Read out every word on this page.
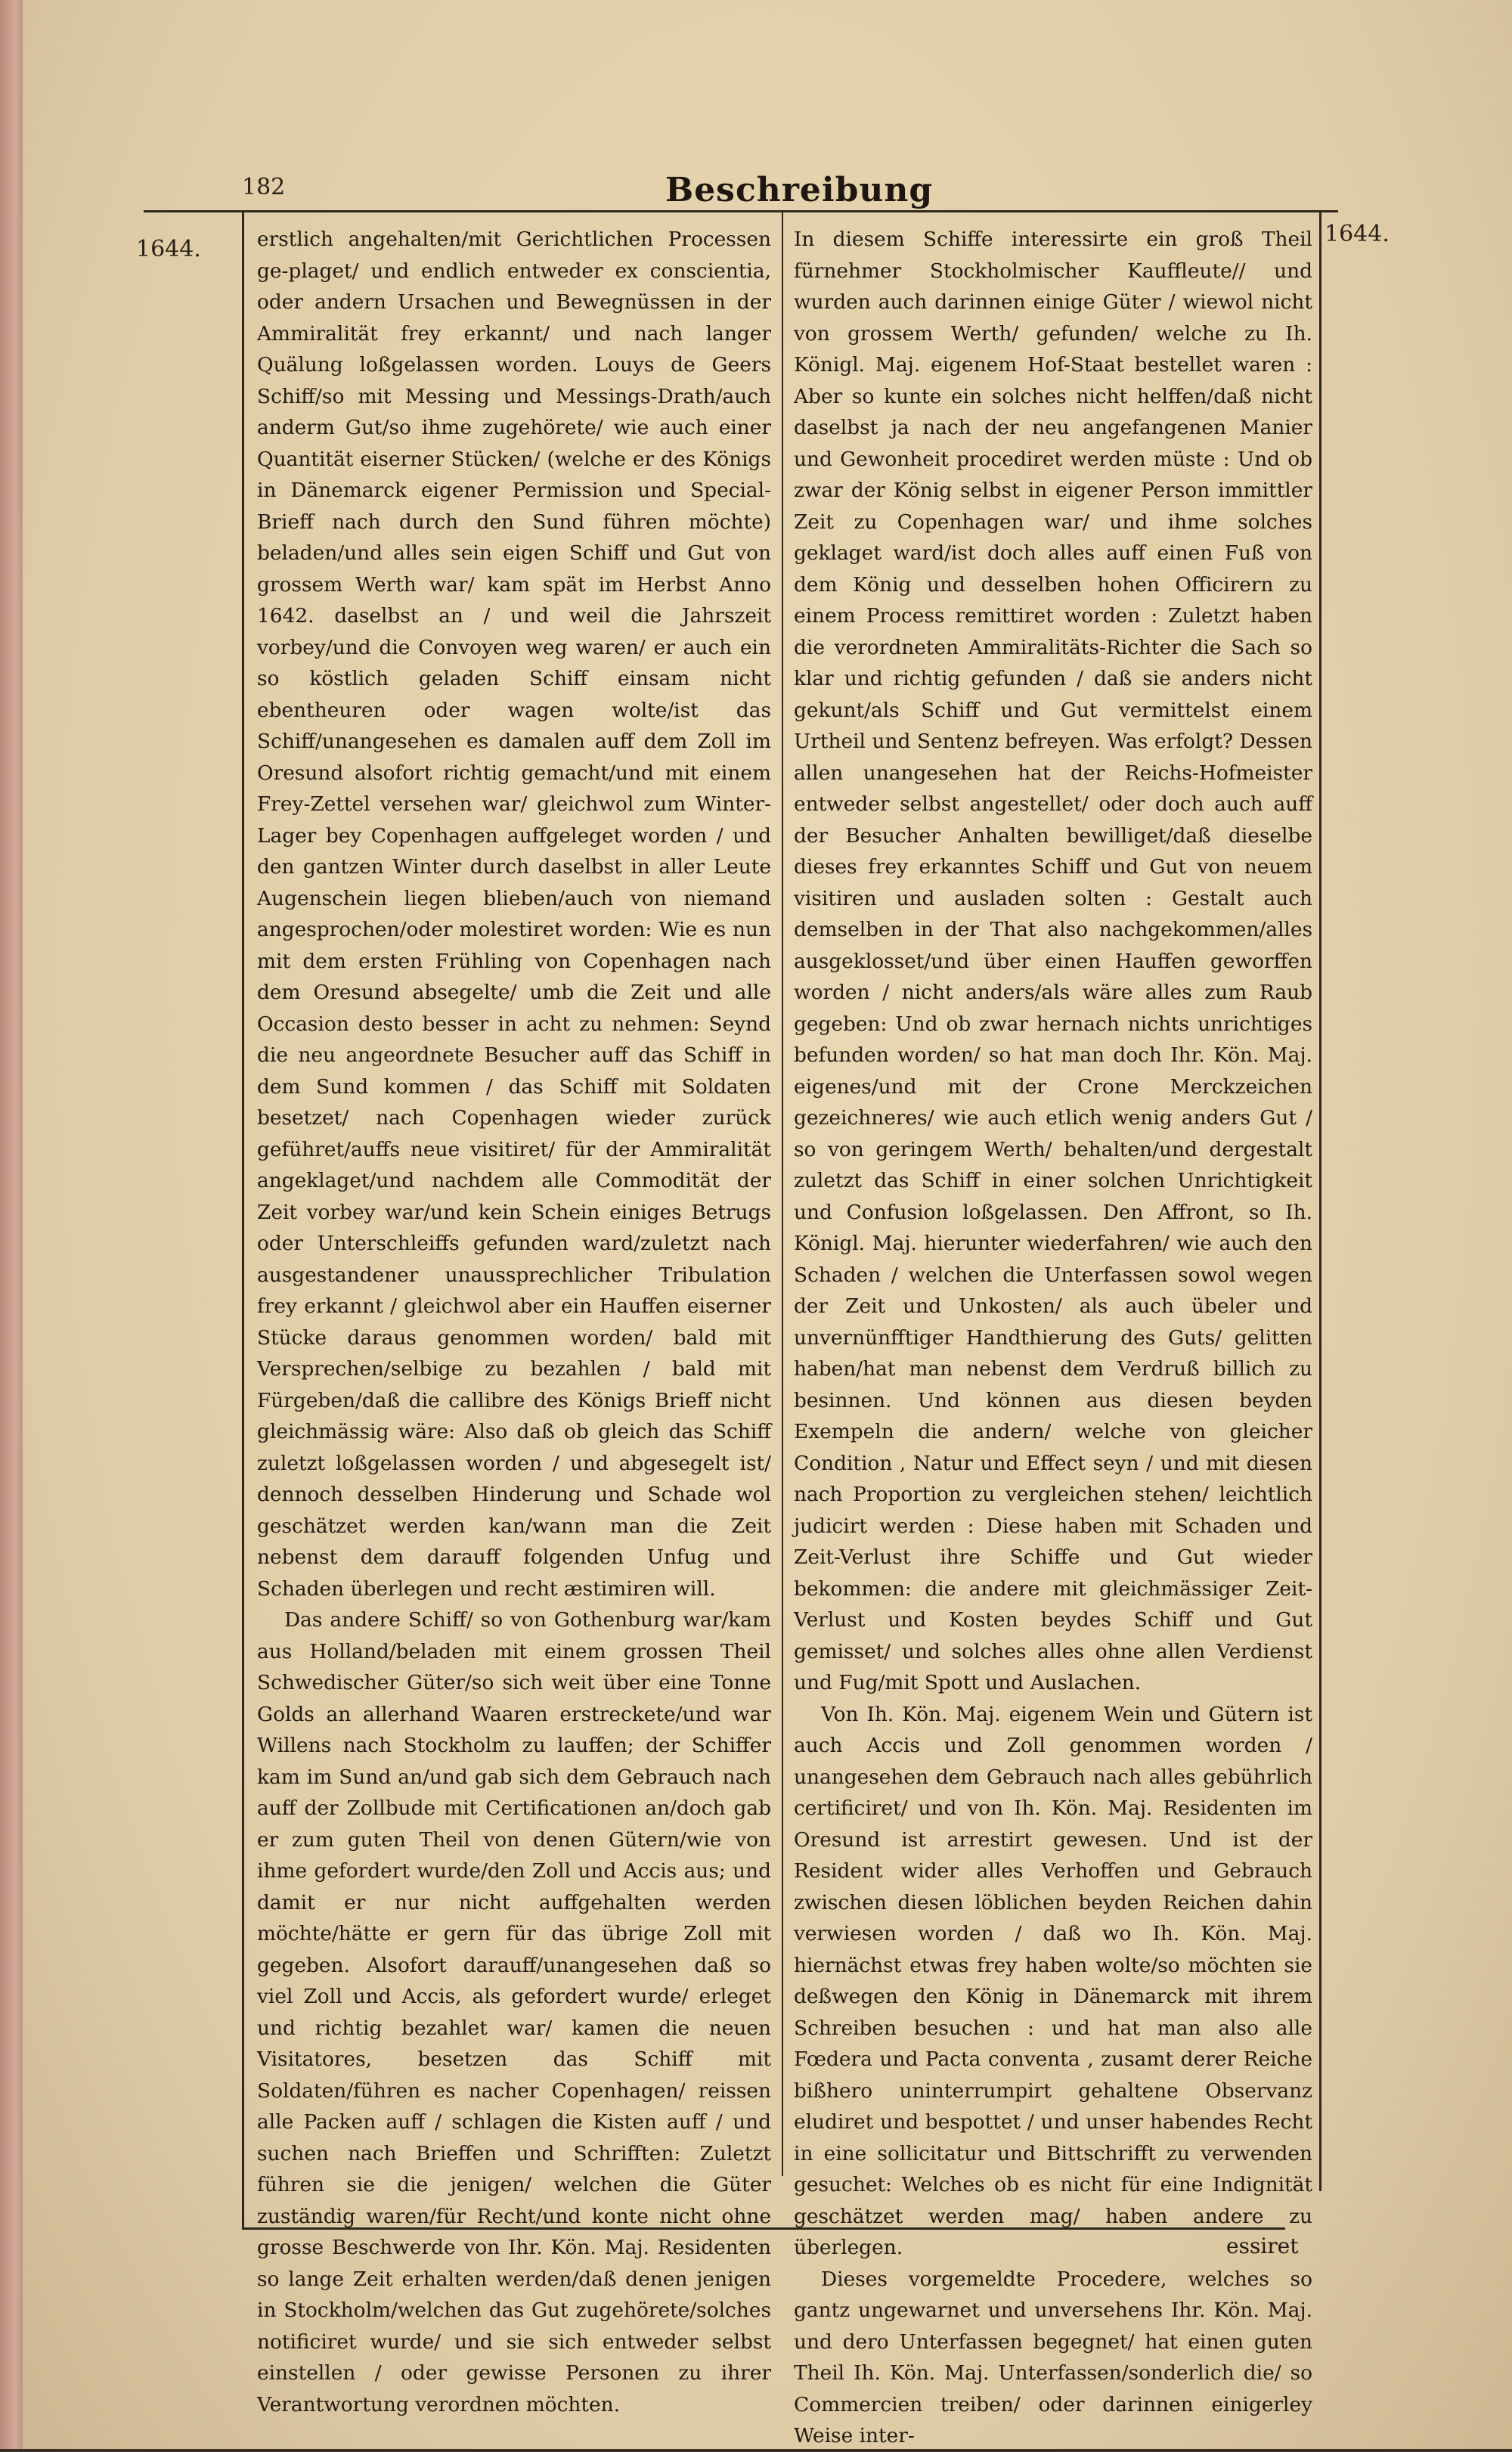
182	Beschreibung
1644.
1644.

erstlich angehalten/mit Gerichtlichen Processen ge-plaget/ und endlich entweder ex conscientia, oder andern Ursachen und Bewegnüssen in der Ammiralität frey erkannt/ und nach langer Quälung loßgelassen worden. Louys de Geers Schiff/so mit Messing und Messings-Drath/auch anderm Gut/so ihme zugehörete/ wie auch einer Quantität eiserner Stücken/ (welche er des Königs in Dänemarck eigener Permission und Special-Brieff nach durch den Sund führen möchte) beladen/und alles sein eigen Schiff und Gut von grossem Werth war/ kam spät im Herbst Anno 1642. daselbst an / und weil die Jahrszeit vorbey/und die Convoyen weg waren/ er auch ein so köstlich geladen Schiff einsam nicht ebentheuren oder wagen wolte/ist das Schiff/unangesehen es damalen auff dem Zoll im Oresund alsofort richtig gemacht/und mit einem Frey-Zettel versehen war/ gleichwol zum Winter-Lager bey Copenhagen auffgeleget worden / und den gantzen Winter durch daselbst in aller Leute Augenschein liegen blieben/auch von niemand angesprochen/oder molestiret worden: Wie es nun mit dem ersten Frühling von Copenhagen nach dem Oresund absegelte/ umb die Zeit und alle Occasion desto besser in acht zu nehmen: Seynd die neu angeordnete Besucher auff das Schiff in dem Sund kommen / das Schiff mit Soldaten besetzet/ nach Copenhagen wieder zurück geführet/auffs neue visitiret/ für der Ammiralität angeklaget/und nachdem alle Commodität der Zeit vorbey war/und kein Schein einiges Betrugs oder Unterschleiffs gefunden ward/zuletzt nach ausgestandener unaussprechlicher Tribulation frey erkannt / gleichwol aber ein Hauffen eiserner Stücke daraus genommen worden/ bald mit Versprechen/selbige zu bezahlen / bald mit Fürgeben/daß die callibre des Königs Brieff nicht gleichmässig wäre: Also daß ob gleich das Schiff zuletzt loßgelassen worden / und abgesegelt ist/ dennoch desselben Hinderung und Schade wol geschätzet werden kan/wann man die Zeit nebenst dem darauff folgenden Unfug und Schaden überlegen und recht æstimiren will.

Das andere Schiff/ so von Gothenburg war/kam aus Holland/beladen mit einem grossen Theil Schwedischer Güter/so sich weit über eine Tonne Golds an allerhand Waaren erstreckete/und war Willens nach Stockholm zu lauffen; der Schiffer kam im Sund an/und gab sich dem Gebrauch nach auff der Zollbude mit Certificationen an/doch gab er zum guten Theil von denen Gütern/wie von ihme gefordert wurde/den Zoll und Accis aus; und damit er nur nicht auffgehalten werden möchte/hätte er gern für das übrige Zoll mit gegeben. Alsofort darauff/unangesehen daß so viel Zoll und Accis, als gefordert wurde/ erleget und richtig bezahlet war/ kamen die neuen Visitatores, besetzen das Schiff mit Soldaten/führen es nacher Copenhagen/ reissen alle Packen auff / schlagen die Kisten auff / und suchen nach Brieffen und Schrifften: Zuletzt führen sie die jenigen/ welchen die Güter zuständig waren/für Recht/und konte nicht ohne grosse Beschwerde von Ihr. Kön. Maj. Residenten so lange Zeit erhalten werden/daß denen jenigen in Stockholm/welchen das Gut zugehörete/solches notificiret wurde/ und sie sich entweder selbst einstellen / oder gewisse Personen zu ihrer Verantwortung verordnen möchten.

In diesem Schiffe interessirte ein groß Theil fürnehmer Stockholmischer Kauffleute// und wurden auch darinnen einige Güter / wiewol nicht von grossem Werth/ gefunden/ welche zu Ih. Königl. Maj. eigenem Hof-Staat bestellet waren : Aber so kunte ein solches nicht helffen/daß nicht daselbst ja nach der neu angefangenen Manier und Gewonheit procediret werden müste : Und ob zwar der König selbst in eigener Person immittler Zeit zu Copenhagen war/ und ihme solches geklaget ward/ist doch alles auff einen Fuß von dem König und desselben hohen Officirern zu einem Process remittiret worden : Zuletzt haben die verordneten Ammiralitäts-Richter die Sach so klar und richtig gefunden / daß sie anders nicht gekunt/als Schiff und Gut vermittelst einem Urtheil und Sentenz befreyen. Was erfolgt? Dessen allen unangesehen hat der Reichs-Hofmeister entweder selbst angestellet/ oder doch auch auff der Besucher Anhalten bewilliget/daß dieselbe dieses frey erkanntes Schiff und Gut von neuem visitiren und ausladen solten : Gestalt auch demselben in der That also nachgekommen/alles ausgeklosset/und über einen Hauffen geworffen worden / nicht anders/als wäre alles zum Raub gegeben: Und ob zwar hernach nichts unrichtiges befunden worden/ so hat man doch Ihr. Kön. Maj. eigenes/und mit der Crone Merckzeichen gezeichneres/ wie auch etlich wenig anders Gut / so von geringem Werth/ behalten/und dergestalt zuletzt das Schiff in einer solchen Unrichtigkeit und Confusion loßgelassen. Den Affront, so Ih. Königl. Maj. hierunter wiederfahren/ wie auch den Schaden / welchen die Unterfassen sowol wegen der Zeit und Unkosten/ als auch übeler und unvernünfftiger Handthierung des Guts/ gelitten haben/hat man nebenst dem Verdruß billich zu besinnen. Und können aus diesen beyden Exempeln die andern/ welche von gleicher Condition , Natur und Effect seyn / und mit diesen nach Proportion zu vergleichen stehen/ leichtlich judicirt werden : Diese haben mit Schaden und Zeit-Verlust ihre Schiffe und Gut wieder bekommen: die andere mit gleichmässiger Zeit-Verlust und Kosten beydes Schiff und Gut gemisset/ und solches alles ohne allen Verdienst und Fug/mit Spott und Auslachen.

Von Ih. Kön. Maj. eigenem Wein und Gütern ist auch Accis und Zoll genommen worden / unangesehen dem Gebrauch nach alles gebührlich certificiret/ und von Ih. Kön. Maj. Residenten im Oresund ist arrestirt gewesen. Und ist der Resident wider alles Verhoffen und Gebrauch zwischen diesen löblichen beyden Reichen dahin verwiesen worden / daß wo Ih. Kön. Maj. hiernächst etwas frey haben wolte/so möchten sie deßwegen den König in Dänemarck mit ihrem Schreiben besuchen : und hat man also alle Fœdera und Pacta conventa , zusamt derer Reiche bißhero uninterrumpirt gehaltene Observanz eludiret und bespottet / und unser habendes Recht in eine sollicitatur und Bittschrifft zu verwenden gesuchet: Welches ob es nicht für eine Indignität geschätzet werden mag/ haben andere zu überlegen.

Dieses vorgemeldte Procedere, welches so gantz ungewarnet und unversehens Ihr. Kön. Maj. und dero Unterfassen begegnet/ hat einen guten Theil Ih. Kön. Maj. Unterfassen/sonderlich die/ so Commercien treiben/ oder darinnen einigerley Weise inter-

essiret
